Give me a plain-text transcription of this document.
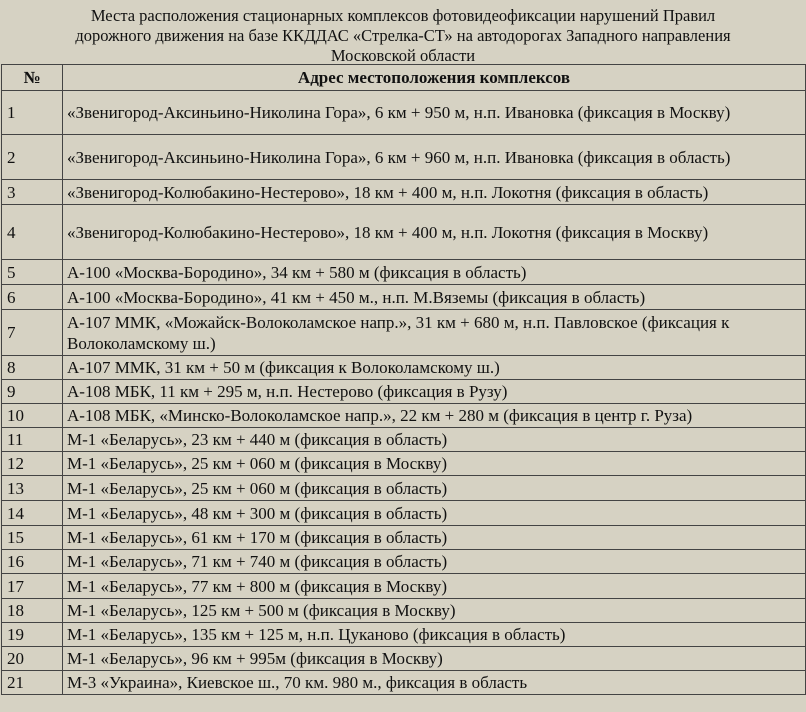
Места расположения стационарных комплексов фотовидеофиксации нарушений Правил
дорожного движения на базе ККДДАС «Стрелка-СТ» на автодорогах Западного направления
Московской области
№	Адрес местоположения комплексов
1	«Звенигород-Аксиньино-Николина Гора», 6 км + 950 м, н.п. Ивановка (фиксация в Москву)
2	«Звенигород-Аксиньино-Николина Гора», 6 км + 960 м, н.п. Ивановка (фиксация в область)
3	«Звенигород-Колюбакино-Нестерово», 18 км + 400 м, н.п. Локотня (фиксация в область)
4	«Звенигород-Колюбакино-Нестерово», 18 км + 400 м, н.п. Локотня (фиксация в Москву)
5	А-100 «Москва-Бородино», 34 км + 580 м (фиксация в область)
6	А-100 «Москва-Бородино», 41 км + 450 м., н.п. М.Вяземы (фиксация в область)
7	А-107 ММК, «Можайск-Волоколамское напр.», 31 км + 680 м, н.п. Павловское (фиксация к Волоколамскому ш.)
8	А-107 ММК, 31 км + 50 м (фиксация к Волоколамскому ш.)
9	А-108 МБК, 11 км + 295 м, н.п. Нестерово (фиксация в Рузу)
10	А-108 МБК, «Минско-Волоколамское напр.», 22 км + 280 м (фиксация в центр г. Руза)
11	М-1 «Беларусь», 23 км + 440 м (фиксация в область)
12	М-1 «Беларусь», 25 км + 060 м (фиксация в Москву)
13	М-1 «Беларусь», 25 км + 060 м (фиксация в область)
14	М-1 «Беларусь», 48 км + 300 м (фиксация в область)
15	М-1 «Беларусь», 61 км + 170 м (фиксация в область)
16	М-1 «Беларусь», 71 км + 740 м (фиксация в область)
17	М-1 «Беларусь», 77 км + 800 м (фиксация в Москву)
18	М-1 «Беларусь», 125 км + 500 м (фиксация в Москву)
19	М-1 «Беларусь», 135 км + 125 м, н.п. Цуканово (фиксация в область)
20	М-1 «Беларусь», 96 км + 995м (фиксация в Москву)
21	М-3 «Украина», Киевское ш., 70 км. 980 м., фиксация в область
